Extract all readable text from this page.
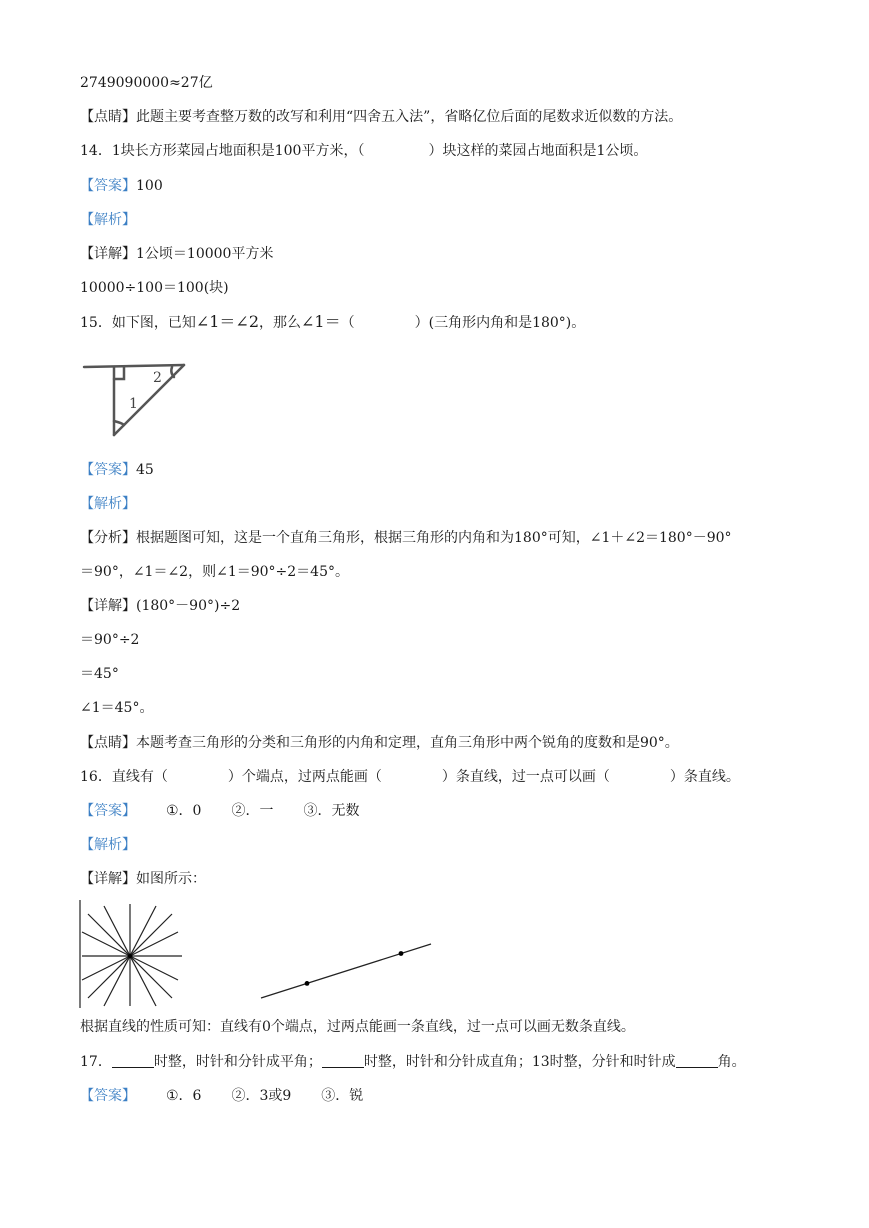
2749090000≈27亿
【点睛】此题主要考查整万数的改写和利用“四舍五入法”，省略亿位后面的尾数求近似数的方法。
14．1块长方形菜园占地面积是100平方米，（	）块这样的菜园占地面积是1公顷。
【答案】100
【解析】
【详解】1公顷＝10000平方米
10000÷100＝100(块)
15．如下图，已知∠1＝∠2，那么∠1＝（	）(三角形内角和是180°)。
1
2
【答案】45
【解析】
【分析】根据题图可知，这是一个直角三角形，根据三角形的内角和为180°可知，∠1＋∠2＝180°－90°
＝90°，∠1＝∠2，则∠1＝90°÷2＝45°。
【详解】(180°－90°)÷2
＝90°÷2
＝45°
∠1＝45°。
【点睛】本题考查三角形的分类和三角形的内角和定理，直角三角形中两个锐角的度数和是90°。
16．直线有（	）个端点，过两点能画（	）条直线，过一点可以画（	）条直线。
【答案】 ①．0 ②．一 ③．无数
【解析】
【详解】如图所示：
根据直线的性质可知：直线有0个端点，过两点能画一条直线，过一点可以画无数条直线。
17．	时整，时针和分针成平角；	时整，时针和分针成直角；13时整，分针和时针成	角。
【答案】 ①．6 ②．3或9 ③．锐
